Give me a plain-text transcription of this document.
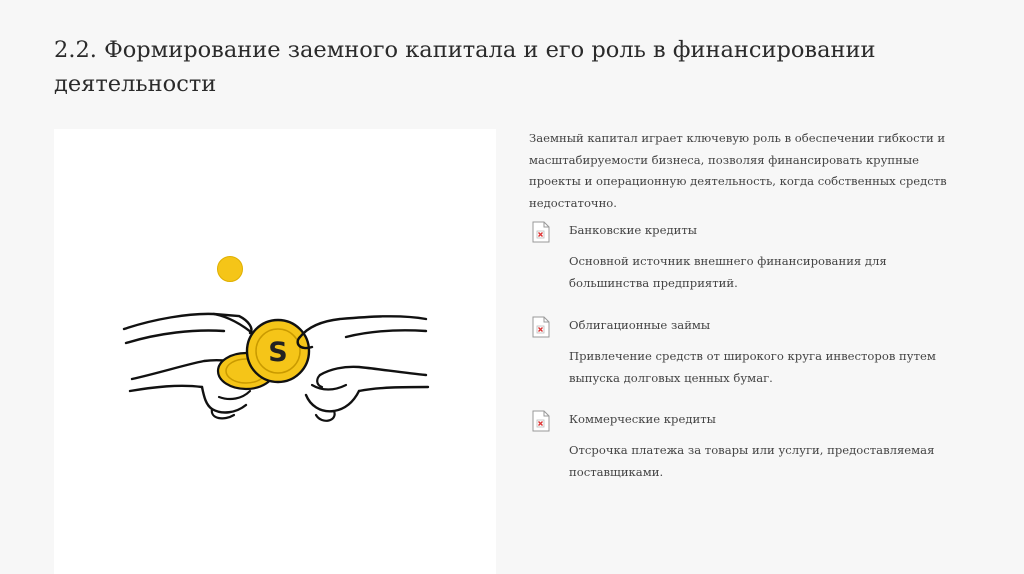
2.2. Формирование заемного капитала и его роль в финансировании деятельности
S

Заемный капитал играет ключевую роль в обеспечении гибкости и масштабируемости бизнеса, позволяя финансировать крупные проекты и операционную деятельность, когда собственных средств недостаточно.

Банковские кредиты
Основной источник внешнего финансирования для большинства предприятий.
Облигационные займы
Привлечение средств от широкого круга инвесторов путем выпуска долговых ценных бумаг.
Коммерческие кредиты
Отсрочка платежа за товары или услуги, предоставляемая поставщиками.
